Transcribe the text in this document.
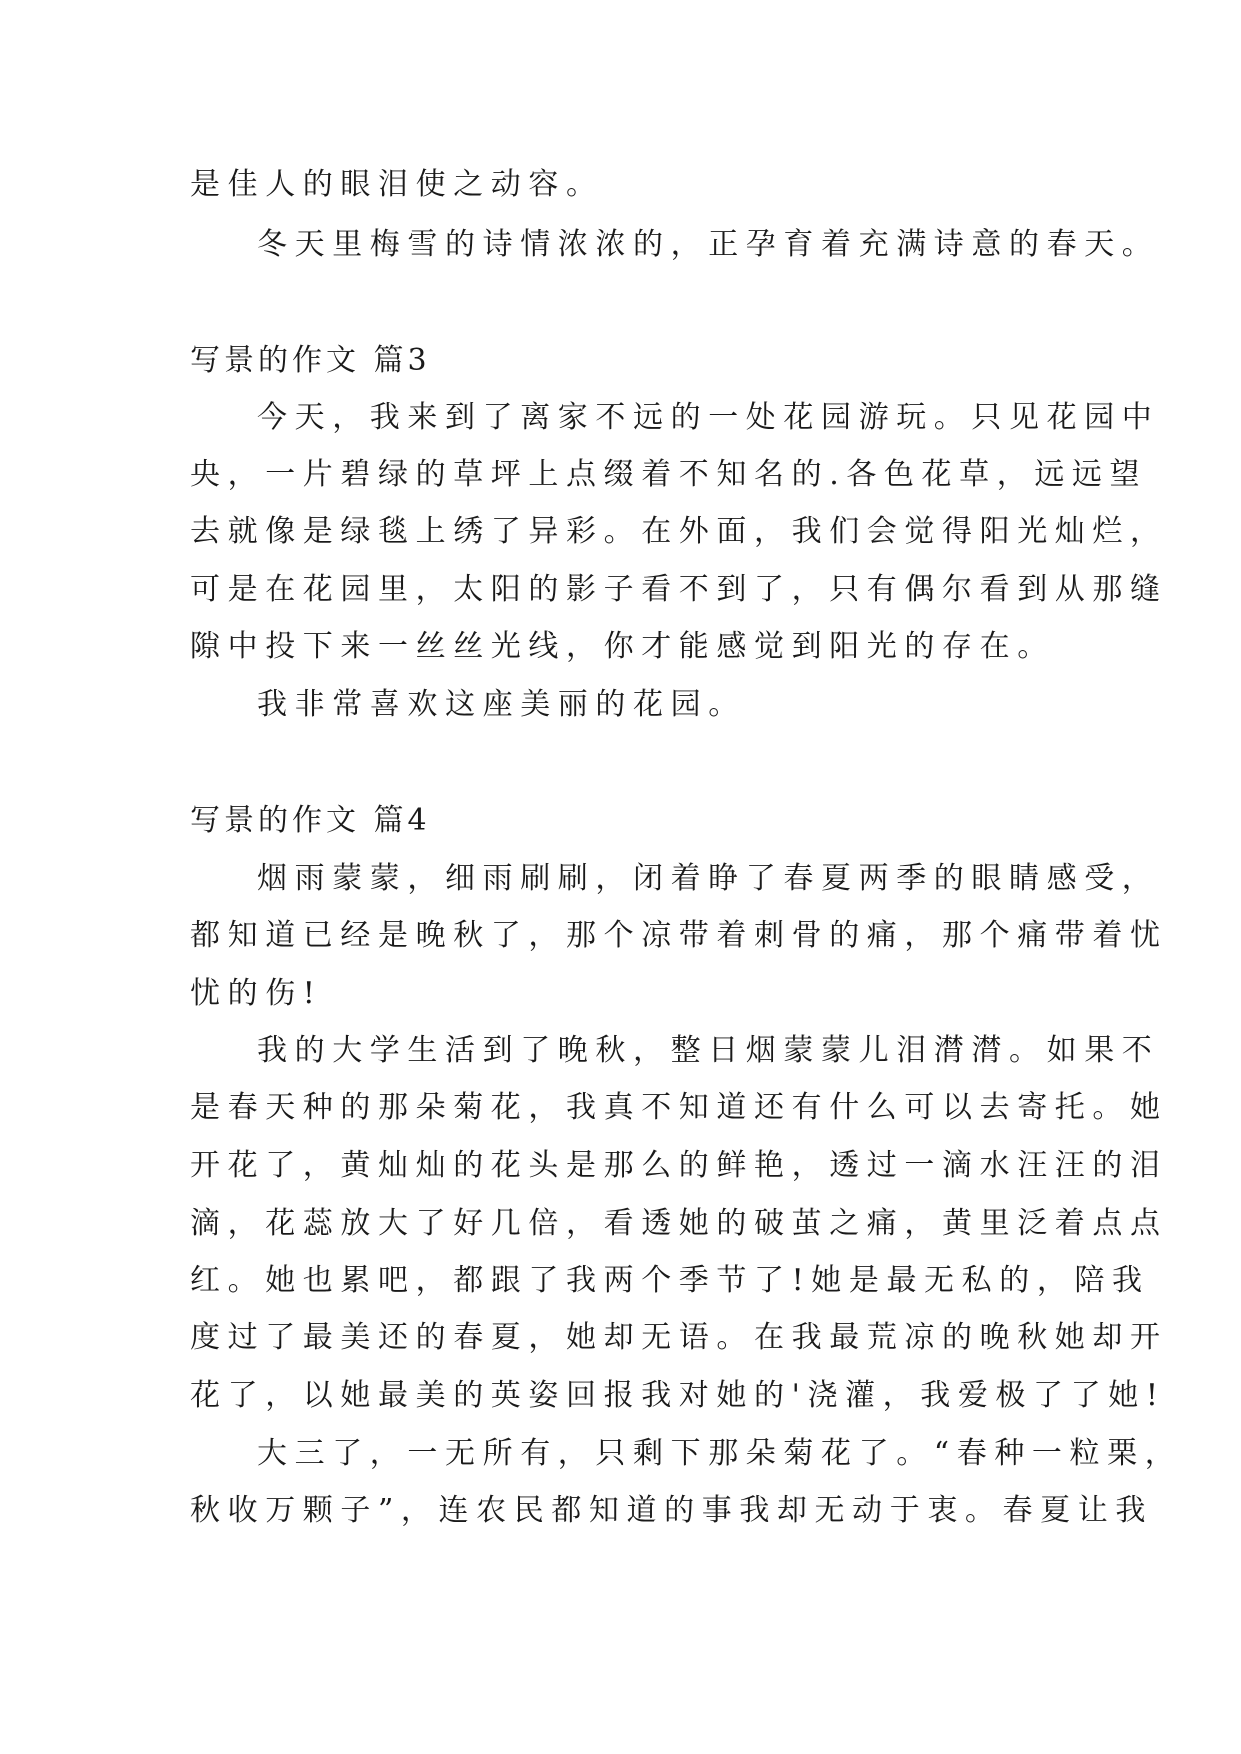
是佳人的眼泪使之动容。
冬天里梅雪的诗情浓浓的，正孕育着充满诗意的春天。
写景的作文 篇3
今天，我来到了离家不远的一处花园游玩。只见花园中
央，一片碧绿的草坪上点缀着不知名的.各色花草，远远望
去就像是绿毯上绣了异彩。在外面，我们会觉得阳光灿烂，
可是在花园里，太阳的影子看不到了，只有偶尔看到从那缝
隙中投下来一丝丝光线，你才能感觉到阳光的存在。
我非常喜欢这座美丽的花园。
写景的作文 篇4
烟雨蒙蒙，细雨刷刷，闭着睁了春夏两季的眼睛感受，
都知道已经是晚秋了，那个凉带着刺骨的痛，那个痛带着忧
忧的伤!
我的大学生活到了晚秋，整日烟蒙蒙儿泪潸潸。如果不
是春天种的那朵菊花，我真不知道还有什么可以去寄托。她
开花了，黄灿灿的花头是那么的鲜艳，透过一滴水汪汪的泪
滴，花蕊放大了好几倍，看透她的破茧之痛，黄里泛着点点
红。她也累吧，都跟了我两个季节了!她是最无私的，陪我
度过了最美还的春夏，她却无语。在我最荒凉的晚秋她却开
花了，以她最美的英姿回报我对她的'浇灌，我爱极了了她!
大三了，一无所有，只剩下那朵菊花了。“春种一粒栗，
秋收万颗子”，连农民都知道的事我却无动于衷。春夏让我
